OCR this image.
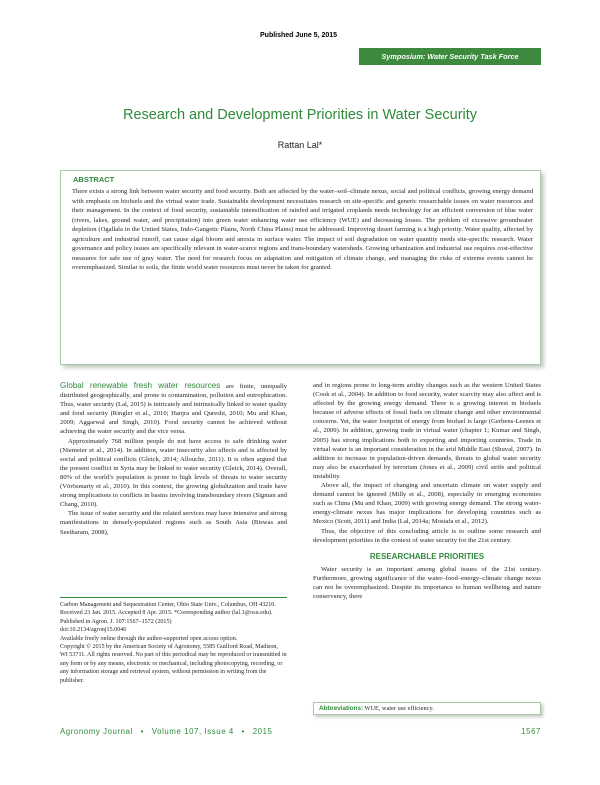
Published June 5, 2015
Symposium: Water Security Task Force
Research and Development Priorities in Water Security
Rattan Lal*
ABSTRACT
There exists a strong link between water security and food security. Both are affected by the water–soil–climate nexus, social and political conflicts, growing energy demand with emphasis on biofuels and the virtual water trade. Sustainable development necessitates research on site-specific and generic researchable issues on water resources and their management. In the context of food security, sustainable intensification of rainfed and irrigated croplands needs technology for an efficient conversion of blue water (rivers, lakes, ground water, and precipitation) into green water enhancing water use efficiency (WUE) and decreasing losses. The problem of excessive groundwater depletion (Ogallala in the United States, Indo-Gangetic Plains, North China Plains) must be addressed. Improving desert farming is a high priority. Water quality, affected by agriculture and industrial runoff, can cause algal bloom and anoxia in surface water. The impact of soil degradation on water quantity needs site-specific research. Water governance and policy issues are specifically relevant in water-scarce regions and trans-boundary watersheds. Growing urbanization and industrial use requires cost-effective measures for safe use of gray water. The need for research focus on adaptation and mitigation of climate change, and managing the risks of extreme events cannot be overemphasized. Similar to soils, the finite world water resources must never be taken for granted.

Global renewable fresh water resources are finite, unequally distributed geographically, and prone to contamination, pollution and eutrophication. Thus, water security (Lal, 2015) is intricately and intrinsically linked to water quality and food security (Ringler et al., 2010; Hanjra and Qureshi, 2010; Mu and Khan, 2009; Aggarwal and Singh, 2010). Food security cannot be achieved without achieving the water security and the vice versa.

Approximately 768 million people do not have access to safe drinking water (Niemeier et al., 2014). In addition, water insecurity also affects and is affected by social and political conflicts (Gleick, 2014; Allouche, 2011). It is often argued that the present conflict in Syria may be linked to water security (Gleick, 2014). Overall, 80% of the world’s population is prone to high levels of threats to water security (Vörösmarty et al., 2010). In this context, the growing globalization and trade have strong implications to conflicts in basins involving transboundary rivers (Sigman and Chang, 2010).

The issue of water security and the related services may have intensive and strong manifestations in densely-populated regions such as South Asia (Biswas and Seetharam, 2008),

Carbon Management and Sequestration Center, Ohio State Univ., Columbus, OH 43210. Received 23 Jan. 2015. Accepted 8 Apr. 2015. *Corresponding author (lal.1@osu.edu).
Published in Agron. J. 107:1567–1572 (2015)
doi:10.2134/agronj15.0046
Available freely online through the author-supported open access option.
Copyright © 2015 by the American Society of Agronomy, 5585 Guilford Road, Madison, WI 53711. All rights reserved. No part of this periodical may be reproduced or transmitted in any form or by any means, electronic or mechanical, including photocopying, recording, or any information storage and retrieval system, without permission in writing from the publisher.

and in regions prone to long-term aridity changes such as the western United States (Cook et al., 2004). In addition to food security, water scarcity may also affect and is affected by the growing energy demand. There is a growing interest in biofuels because of adverse effects of fossil fuels on climate change and other environmental concerns. Yet, the water footprint of energy from biofuel is large (Gerbens-Leenes et al., 2009). In addition, growing trade in virtual water (chapter 1; Kumar and Singh, 2005) has strong implications both to exporting and importing countries. Trade in virtual water is an important consideration in the arid Middle East (Shuval, 2007). In addition to increase in population-driven demands, threats to global water security may also be exacerbated by terrorism (Jones et al., 2009) civil strife and political instability.

Above all, the impact of changing and uncertain climate on water supply and demand cannot be ignored (Milly et al., 2008), especially in emerging economies such as China (Mu and Khan, 2009) with growing energy demand. The strong water-energy-climate nexus has major implications for developing countries such as Mexico (Scott, 2011) and India (Lal, 2014a; Mostafa et al., 2012).

Thus, the objective of this concluding article is to outline some research and development priorities in the context of water security for the 21st century.

RESEARCHABLE PRIORITIES

Water security is an important among global issues of the 21st century. Furthermore, growing significance of the water–food–energy–climate change nexus can not be overemphasized. Despite its importance to human wellbeing and nature conservancy, there

Abbreviations: WUE, water use efficiency.
Agronomy Journal • Volume 107, Issue 4 • 2015	1567
